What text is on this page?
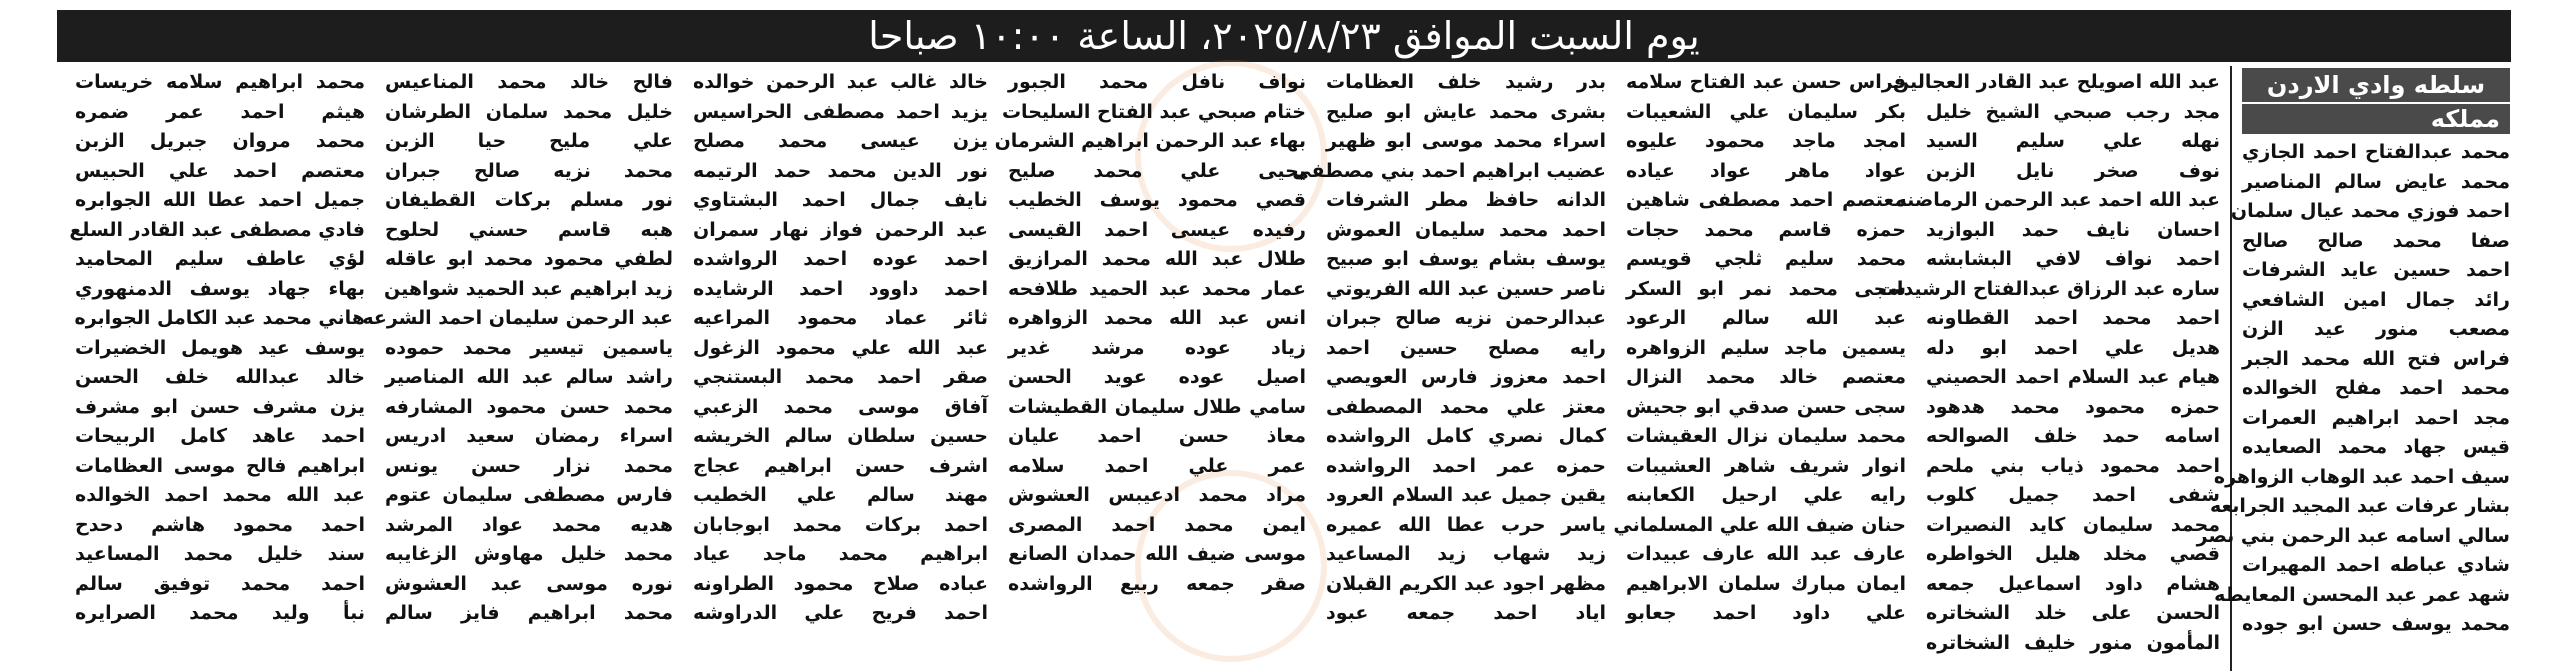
يوم السبت الموافق ٢٠٢٥/٨/٢٣، الساعة ١٠:٠٠ صباحا
سلطه وادي الاردن
مملكه
محمد عبدالفتاح احمد الجازي
محمد عايض سالم المناصير
احمد فوزي محمد عيال سلمان
صفا محمد صالح صالح
احمد حسين عايد الشرفات
رائد جمال امين الشافعي
مصعب منور عيد الزن
فراس فتح الله محمد الجبر
محمد احمد مفلح الخوالده
مجد احمد ابراهيم العمرات
قيس جهاد محمد الصعايده
سيف احمد عبد الوهاب الزواهره
بشار عرفات عبد المجيد الجرابعه
سالي اسامه عبد الرحمن بني نصر
شادي عباطه احمد المهيرات
شهد عمر عبد المحسن المعايطه
محمد يوسف حسن ابو جوده
عبد الله اصويلح عبد القادر العجالين
مجد رجب صبحي الشيخ خليل
نهله علي سليم السيد
نوف صخر نايل الزبن
عبد الله احمد عبد الرحمن الرماضنه
احسان نايف حمد البوازيد
احمد نواف لافي البشابشه
ساره عبد الرزاق عبدالفتاح الرشيدات
احمد محمد احمد القطاونه
هديل علي احمد ابو دله
هيام عبد السلام احمد الحصيني
حمزه محمود محمد هدهود
اسامه حمد خلف الصوالحه
احمد محمود ذياب بني ملحم
شفى احمد جميل كلوب
محمد سليمان كايد النصيرات
قصي مخلد هليل الخواطره
هشام داود اسماعيل جمعه
الحسن على خلد الشخاتره
المأمون منور خليف الشخاتره
فراس حسن عبد الفتاح سلامه
بكر سليمان علي الشعيبات
امجد ماجد محمود عليوه
عواد ماهر عواد عياده
معتصم احمد مصطفى شاهين
حمزه قاسم محمد حجات
محمد سليم ثلجي قويسم
سجى محمد نمر ابو السكر
عبد الله سالم الرعود
يسمين ماجد سليم الزواهره
معتصم خالد محمد النزال
سجى حسن صدقي ابو جحيش
محمد سليمان نزال العقيشات
انوار شريف شاهر العشيبات
رايه علي ارحيل الكعابنه
حنان ضيف الله علي المسلماني
عارف عبد الله عارف عبيدات
ايمان مبارك سلمان الابراهيم
علي داود احمد جعابو
بدر رشيد خلف العظامات
بشرى محمد عايش ابو صليح
اسراء محمد موسى ابو ظهير
عضيب ابراهيم احمد بني مصطفى
الدانه حافظ مطر الشرفات
احمد محمد سليمان العموش
يوسف بشام يوسف ابو صبيح
ناصر حسين عبد الله الفريوتي
عبدالرحمن نزيه صالح جبران
رايه مصلح حسين احمد
احمد معزوز فارس العويصي
معتز علي محمد المصطفى
كمال نصري كامل الرواشده
حمزه عمر احمد الرواشده
يقين جميل عبد السلام العرود
ياسر حرب عطا الله عميره
زيد شهاب زيد المساعيد
مظهر اجود عبد الكريم القبلان
اياد احمد جمعه عبود
نواف نافل محمد الجبور
ختام صبحي عبد الفتاح السليحات
بهاء عبد الرحمن ابراهيم الشرمان
يحيى علي محمد صليح
قصي محمود يوسف الخطيب
رفيده عيسى احمد القيسى
طلال عبد الله محمد المرازيق
عمار محمد عبد الحميد طلافحه
انس عبد الله محمد الزواهره
زياد عوده مرشد غدير
اصيل عوده عويد الحسن
سامي طلال سليمان القطيشات
معاذ حسن احمد عليان
عمر علي احمد سلامه
مراد محمد ادعيبس العشوش
ايمن محمد احمد المصرى
موسى ضيف الله حمدان الصانع
صقر جمعه ربيع الرواشده
خالد غالب عبد الرحمن خوالده
يزيد احمد مصطفى الحراسيس
يزن عيسى محمد مصلح
نور الدين محمد حمد الرتيمه
نايف جمال احمد البشتاوي
عبد الرحمن فواز نهار سمران
احمد عوده احمد الرواشده
احمد داوود احمد الرشايده
ثائر عماد محمود المراعيه
عبد الله علي محمود الزغول
صقر احمد محمد البستنجي
آفاق موسى محمد الزعبي
حسين سلطان سالم الخريشه
اشرف حسن ابراهيم عجاج
مهند سالم علي الخطيب
احمد بركات محمد ابوجابان
ابراهيم محمد ماجد عياد
عباده صلاح محمود الطراونه
احمد فريح علي الدراوشه
فالح خالد محمد المناعيس
خليل محمد سلمان الطرشان
علي مليح حيا الزبن
محمد نزيه صالح جبران
نور مسلم بركات القطيفان
هبه قاسم حسني لحلوح
لطفي محمود محمد ابو عاقله
زيد ابراهيم عبد الحميد شواهين
عبد الرحمن سليمان احمد الشرعه
ياسمين تيسير محمد حموده
راشد سالم عبد الله المناصير
محمد حسن محمود المشارفه
اسراء رمضان سعيد ادريس
محمد نزار حسن يونس
فارس مصطفى سليمان عتوم
هديه محمد عواد المرشد
محمد خليل مهاوش الزغايبه
نوره موسى عبد العشوش
محمد ابراهيم فايز سالم
محمد ابراهيم سلامه خريسات
هيثم احمد عمر ضمره
محمد مروان جبريل الزبن
معتصم احمد علي الحبيس
جميل احمد عطا الله الجوابره
فادي مصطفى عبد القادر السلع
لؤي عاطف سليم المحاميد
بهاء جهاد يوسف الدمنهوري
هاني محمد عبد الكامل الجوابره
يوسف عيد هويمل الخضيرات
خالد عبدالله خلف الحسن
يزن مشرف حسن ابو مشرف
احمد عاهد كامل الربيحات
ابراهيم فالح موسى العظامات
عبد الله محمد احمد الخوالده
احمد محمود هاشم دحدح
سند خليل محمد المساعيد
احمد محمد توفيق سالم
نبأ وليد محمد الصرايره
